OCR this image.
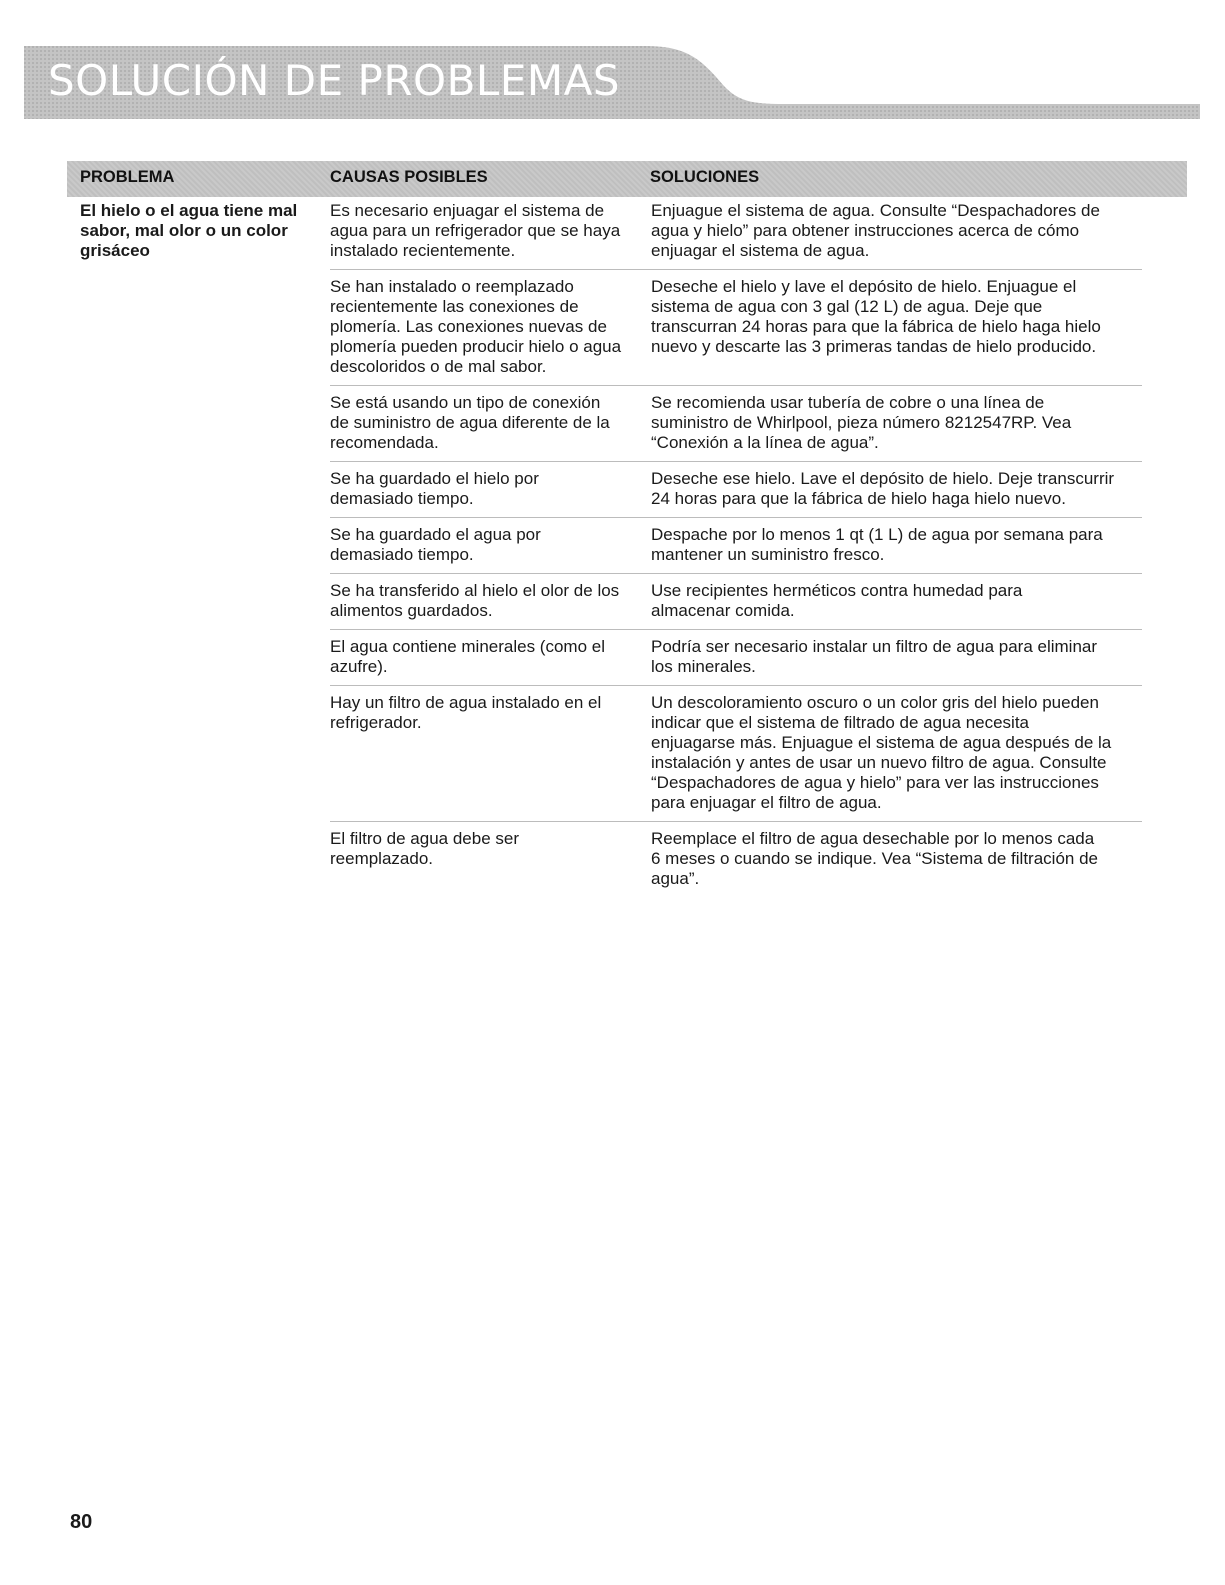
SOLUCIÓN DE PROBLEMAS
PROBLEMA	CAUSAS POSIBLES	SOLUCIONES
El hielo o el agua tiene mal
sabor, mal olor o un color
grisáceo
Es necesario enjuagar el sistema de
agua para un refrigerador que se haya
instalado recientemente.
Enjuague el sistema de agua. Consulte “Despachadores de
agua y hielo” para obtener instrucciones acerca de cómo
enjuagar el sistema de agua.
Se han instalado o reemplazado
recientemente las conexiones de
plomería. Las conexiones nuevas de
plomería pueden producir hielo o agua
descoloridos o de mal sabor.
Deseche el hielo y lave el depósito de hielo. Enjuague el
sistema de agua con 3 gal (12 L) de agua. Deje que
transcurran 24 horas para que la fábrica de hielo haga hielo
nuevo y descarte las 3 primeras tandas de hielo producido.
Se está usando un tipo de conexión
de suministro de agua diferente de la
recomendada.
Se recomienda usar tubería de cobre o una línea de
suministro de Whirlpool, pieza número 8212547RP. Vea
“Conexión a la línea de agua”.
Se ha guardado el hielo por
demasiado tiempo.
Deseche ese hielo. Lave el depósito de hielo. Deje transcurrir
24 horas para que la fábrica de hielo haga hielo nuevo.
Se ha guardado el agua por
demasiado tiempo.
Despache por lo menos 1 qt (1 L) de agua por semana para
mantener un suministro fresco.
Se ha transferido al hielo el olor de los
alimentos guardados.
Use recipientes herméticos contra humedad para
almacenar comida.
El agua contiene minerales (como el
azufre).
Podría ser necesario instalar un filtro de agua para eliminar
los minerales.
Hay un filtro de agua instalado en el
refrigerador.
Un descoloramiento oscuro o un color gris del hielo pueden
indicar que el sistema de filtrado de agua necesita
enjuagarse más. Enjuague el sistema de agua después de la
instalación y antes de usar un nuevo filtro de agua. Consulte
“Despachadores de agua y hielo” para ver las instrucciones
para enjuagar el filtro de agua.
El filtro de agua debe ser
reemplazado.
Reemplace el filtro de agua desechable por lo menos cada
6 meses o cuando se indique. Vea “Sistema de filtración de
agua”.
80
